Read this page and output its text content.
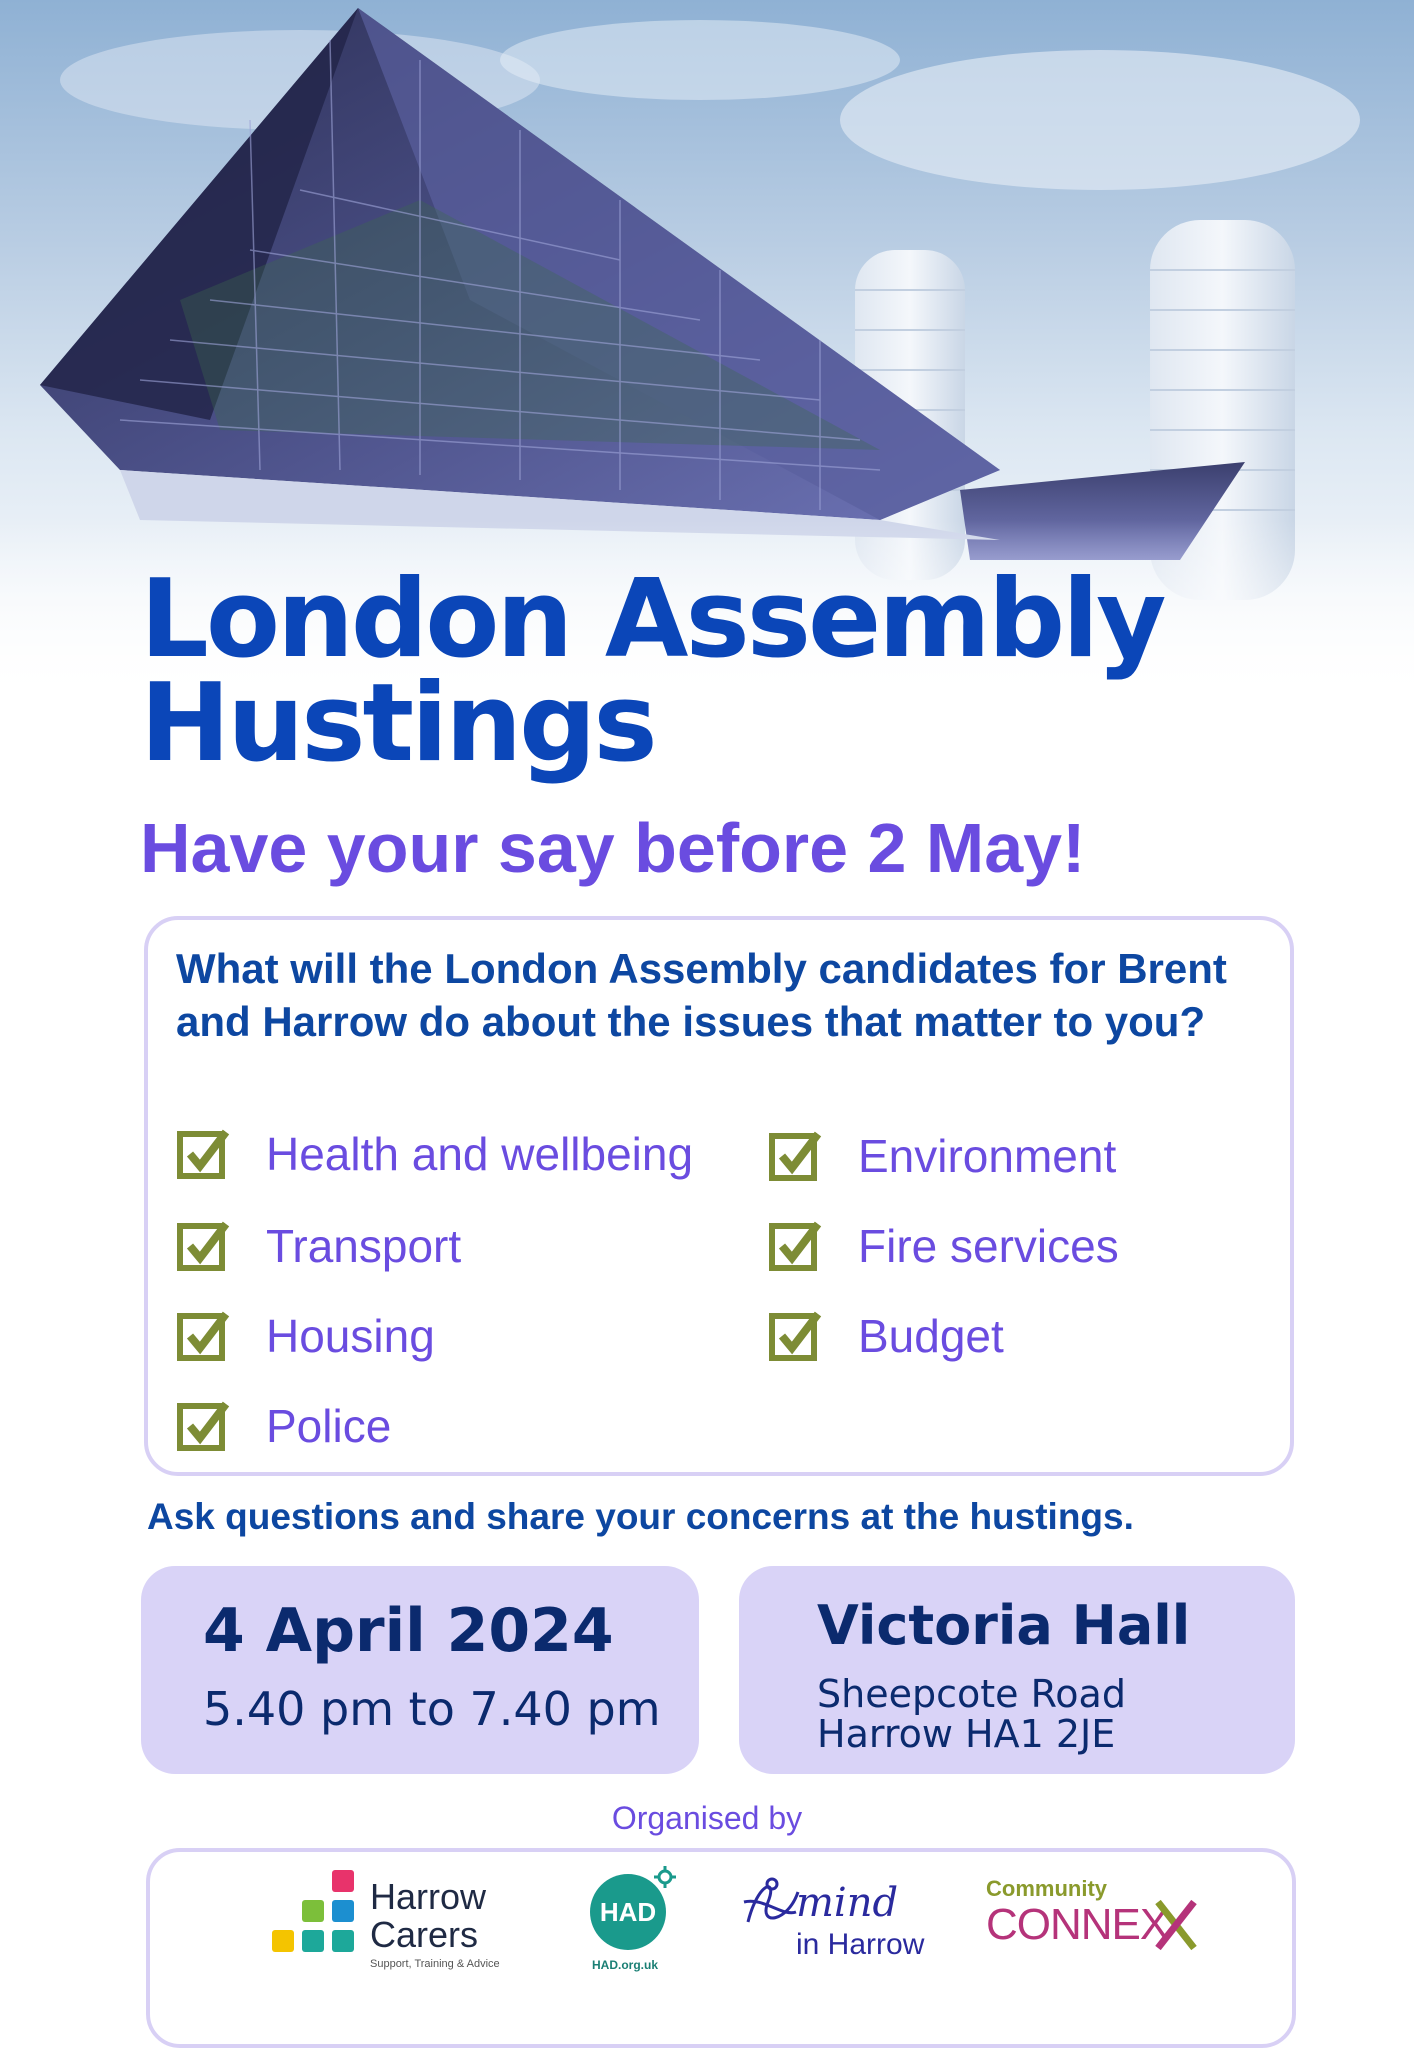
London Assembly
Hustings

Have your say before 2 May!

What will the London Assembly candidates for Brent and Harrow do about the issues that matter to you?

Health and wellbeing
Transport
Housing
Police
Environment
Fire services
Budget

Ask questions and share your concerns at the hustings.

4 April 2024

5.40 pm to 7.40 pm

Victoria Hall

Sheepcote Road

Harrow HA1 2JE

Organised by

Harrow
Carers
Support, Training & Advice
HAD
HAD.org.uk
mind
in Harrow
Community
CONNEX
